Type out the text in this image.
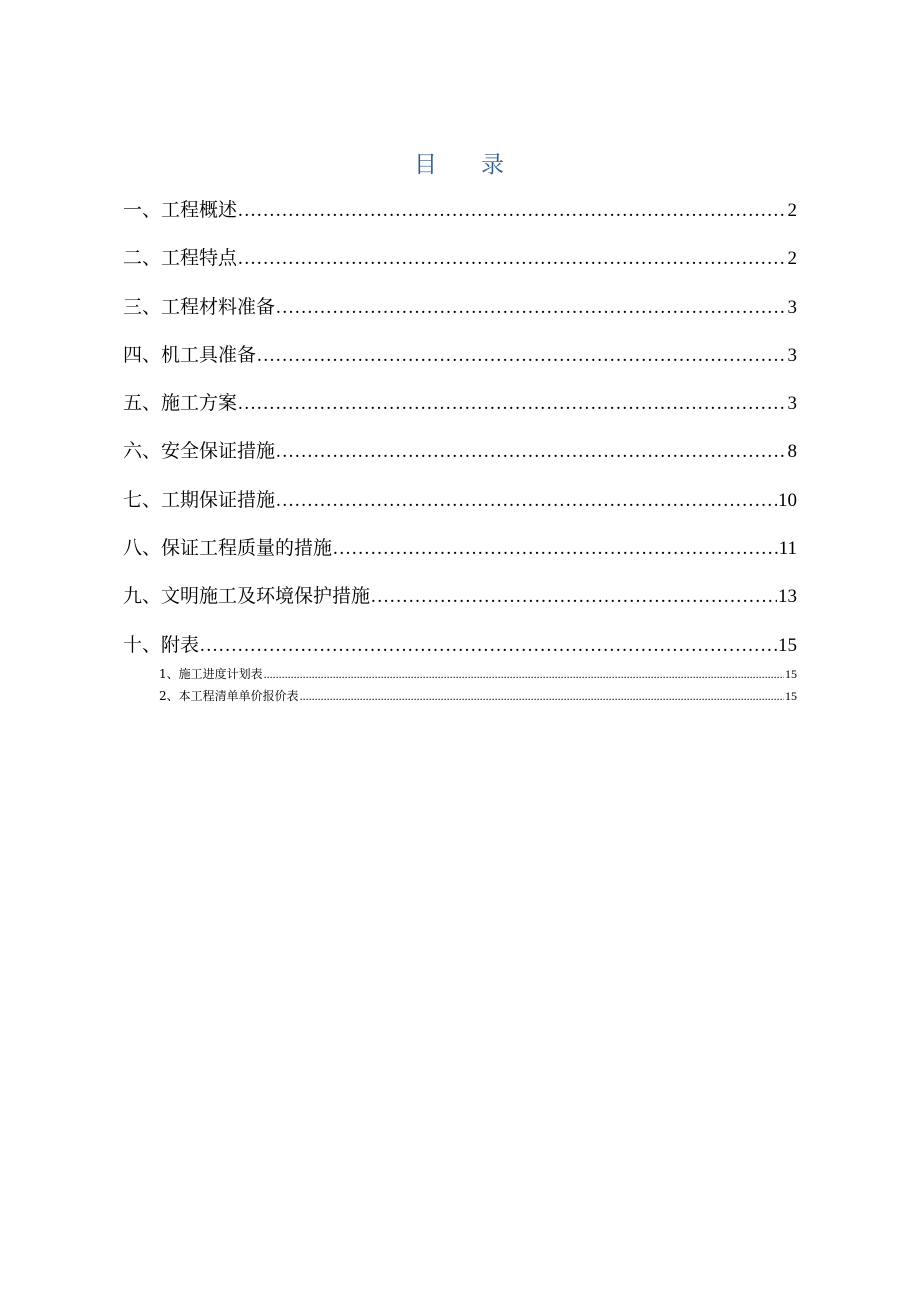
目 录
一、工程概述 . . .	2
二、工程特点 . . .	2
三、工程材料准备 . . .	3
四、机工具准备 . . .	3
五、施工方案 . . .	3
六、安全保证措施 . . .	8
七、工期保证措施 . . .	10
八、保证工程质量的措施 . . .	11
九、文明施工及环境保护措施 . . .	13
十、附表 . . .	15
1、施工进度计划表 . . .	15
2、本工程清单单价报价表 . . .	15
